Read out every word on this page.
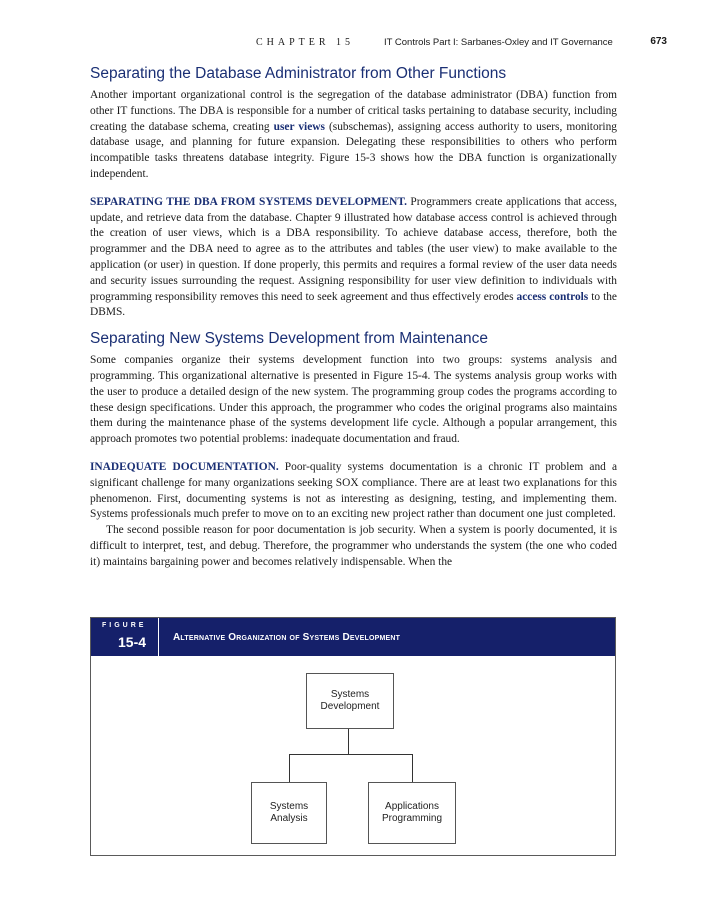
CHAPTER 15	IT Controls Part I: Sarbanes-Oxley and IT Governance	673
Separating the Database Administrator from Other Functions

Another important organizational control is the segregation of the database administrator (DBA) function from other IT functions. The DBA is responsible for a number of critical tasks pertaining to database security, including creating the database schema, creating user views (subschemas), assigning access authority to users, monitoring database usage, and planning for future expansion. Delegating these responsibilities to others who perform incompatible tasks threatens database integrity. Figure 15-3 shows how the DBA function is organizationally independent.

SEPARATING THE DBA FROM SYSTEMS DEVELOPMENT. Programmers create applications that access, update, and retrieve data from the database. Chapter 9 illustrated how database access control is achieved through the creation of user views, which is a DBA responsibility. To achieve database access, therefore, both the programmer and the DBA need to agree as to the attributes and tables (the user view) to make available to the application (or user) in question. If done properly, this permits and requires a formal review of the user data needs and security issues surrounding the request. Assigning responsibility for user view definition to individuals with programming responsibility removes this need to seek agreement and thus effectively erodes access controls to the DBMS.

Separating New Systems Development from Maintenance

Some companies organize their systems development function into two groups: systems analysis and programming. This organizational alternative is presented in Figure 15-4. The systems analysis group works with the user to produce a detailed design of the new system. The programming group codes the programs according to these design specifications. Under this approach, the programmer who codes the original programs also maintains them during the maintenance phase of the systems development life cycle. Although a popular arrangement, this approach promotes two potential problems: inadequate documentation and fraud.

INADEQUATE DOCUMENTATION. Poor-quality systems documentation is a chronic IT problem and a significant challenge for many organizations seeking SOX compliance. There are at least two explanations for this phenomenon. First, documenting systems is not as interesting as designing, testing, and implementing them. Systems professionals much prefer to move on to an exciting new project rather than document one just completed.

The second possible reason for poor documentation is job security. When a system is poorly documented, it is difficult to interpret, test, and debug. Therefore, the programmer who understands the system (the one who coded it) maintains bargaining power and becomes relatively indispensable. When the

FIGURE
15-4	Alternative Organization of Systems Development
Systems
Development
Systems
Analysis
Applications
Programming
